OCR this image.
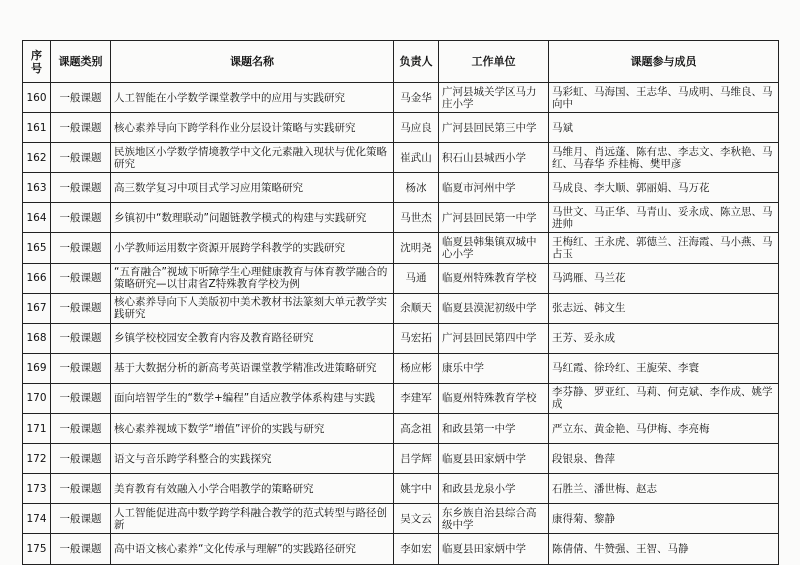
序号	课题类别	课题名称	负责人	工作单位	课题参与成员
160	一般课题	人工智能在小学数学课堂教学中的应用与实践研究	马金华	广河县城关学区马力庄小学	马彩虹、马海国、王志华、马成明、马维良、马向中
161	一般课题	核心素养导向下跨学科作业分层设计策略与实践研究	马应良	广河县回民第三中学	马斌
162	一般课题	民族地区小学数学情境教学中文化元素融入现状与优化策略研究	崔武山	积石山县城西小学	马维月、肖远蓬、陈有忠、李志文、李秋艳、马红、马春华 乔桂梅、樊甲彦
163	一般课题	高三数学复习中项目式学习应用策略研究	杨冰	临夏市河州中学	马成良、李大顺、郭丽娟、马万花
164	一般课题	乡镇初中“数理联动”问题链教学模式的构建与实践研究	马世杰	广河县回民第一中学	马世文、马正华、马青山、妥永成、陈立思、马进帅
165	一般课题	小学教师运用数字资源开展跨学科教学的实践研究	沈明尧	临夏县韩集镇双城中心小学	王梅红、王永虎、郭德兰、汪海霞、马小燕、马占玉
166	一般课题	“五育融合”视域下听障学生心理健康教育与体育教学融合的策略研究—以甘肃省Z特殊教育学校为例	马通	临夏州特殊教育学校	马鸿雁、马兰花
167	一般课题	核心素养导向下人美版初中美术教材书法篆刻大单元教学实践研究	余顺天	临夏县漠泥初级中学	张志远、韩文生
168	一般课题	乡镇学校校园安全教育内容及教育路径研究	马宏拓	广河县回民第四中学	王芳、妥永成
169	一般课题	基于大数据分析的新高考英语课堂教学精准改进策略研究	杨应彬	康乐中学	马红霞、徐玲红、王旎荣、李寰
170	一般课题	面向培智学生的“数学+编程”自适应教学体系构建与实践	李建军	临夏州特殊教育学校	李芬静、罗亚红、马莉、何克斌、李作成、姚学成
171	一般课题	核心素养视域下数学“增值”评价的实践与研究	高念祖	和政县第一中学	严立东、黄金艳、马伊梅、李亮梅
172	一般课题	语文与音乐跨学科整合的实践探究	吕学辉	临夏县田家炳中学	段银泉、鲁萍
173	一般课题	美育教育有效融入小学合唱教学的策略研究	姚宇中	和政县龙泉小学	石胜兰、潘世梅、赵志
174	一般课题	人工智能促进高中数学跨学科融合教学的范式转型与路径创新	吴文云	东乡族自治县综合高级中学	康得菊、黎静
175	一般课题	高中语文核心素养“文化传承与理解”的实践路径研究	李如宏	临夏县田家炳中学	陈倩倩、牛赞强、王智、马静
